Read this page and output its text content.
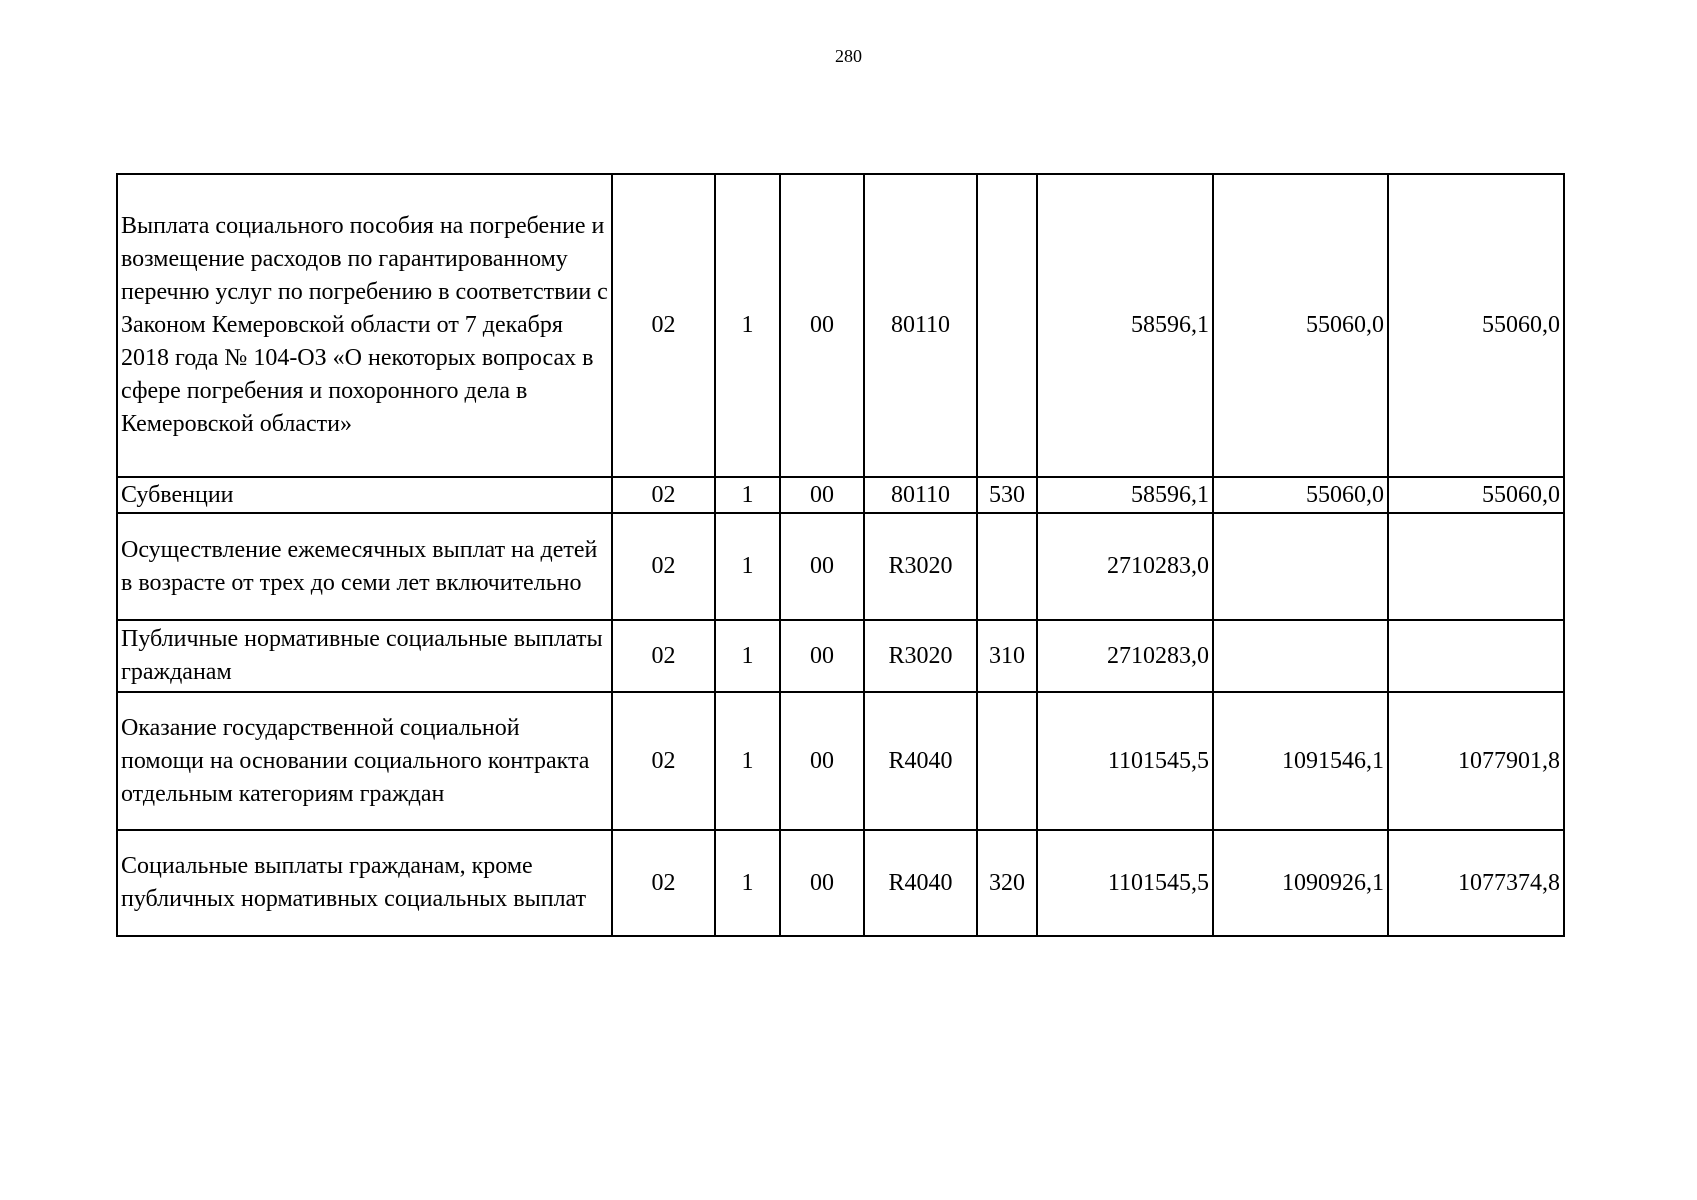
280
Выплата социального пособия на погребение и возмещение расходов по гарантированному перечню услуг по погребению в соответствии с Законом Кемеровской области от 7 декабря 2018 года № 104-ОЗ «О некоторых вопросах в сфере погребения и похоронного дела в Кемеровской области»	02	1	00	80110		58596,1	55060,0	55060,0
Субвенции	02	1	00	80110	530	58596,1	55060,0	55060,0
Осуществление ежемесячных выплат на детей в возрасте от трех до семи лет включительно	02	1	00	R3020		2710283,0		
Публичные нормативные социальные выплаты гражданам	02	1	00	R3020	310	2710283,0		
Оказание государственной социальной помощи на основании социального контракта отдельным категориям граждан	02	1	00	R4040		1101545,5	1091546,1	1077901,8
Социальные выплаты гражданам, кроме публичных нормативных социальных выплат	02	1	00	R4040	320	1101545,5	1090926,1	1077374,8
